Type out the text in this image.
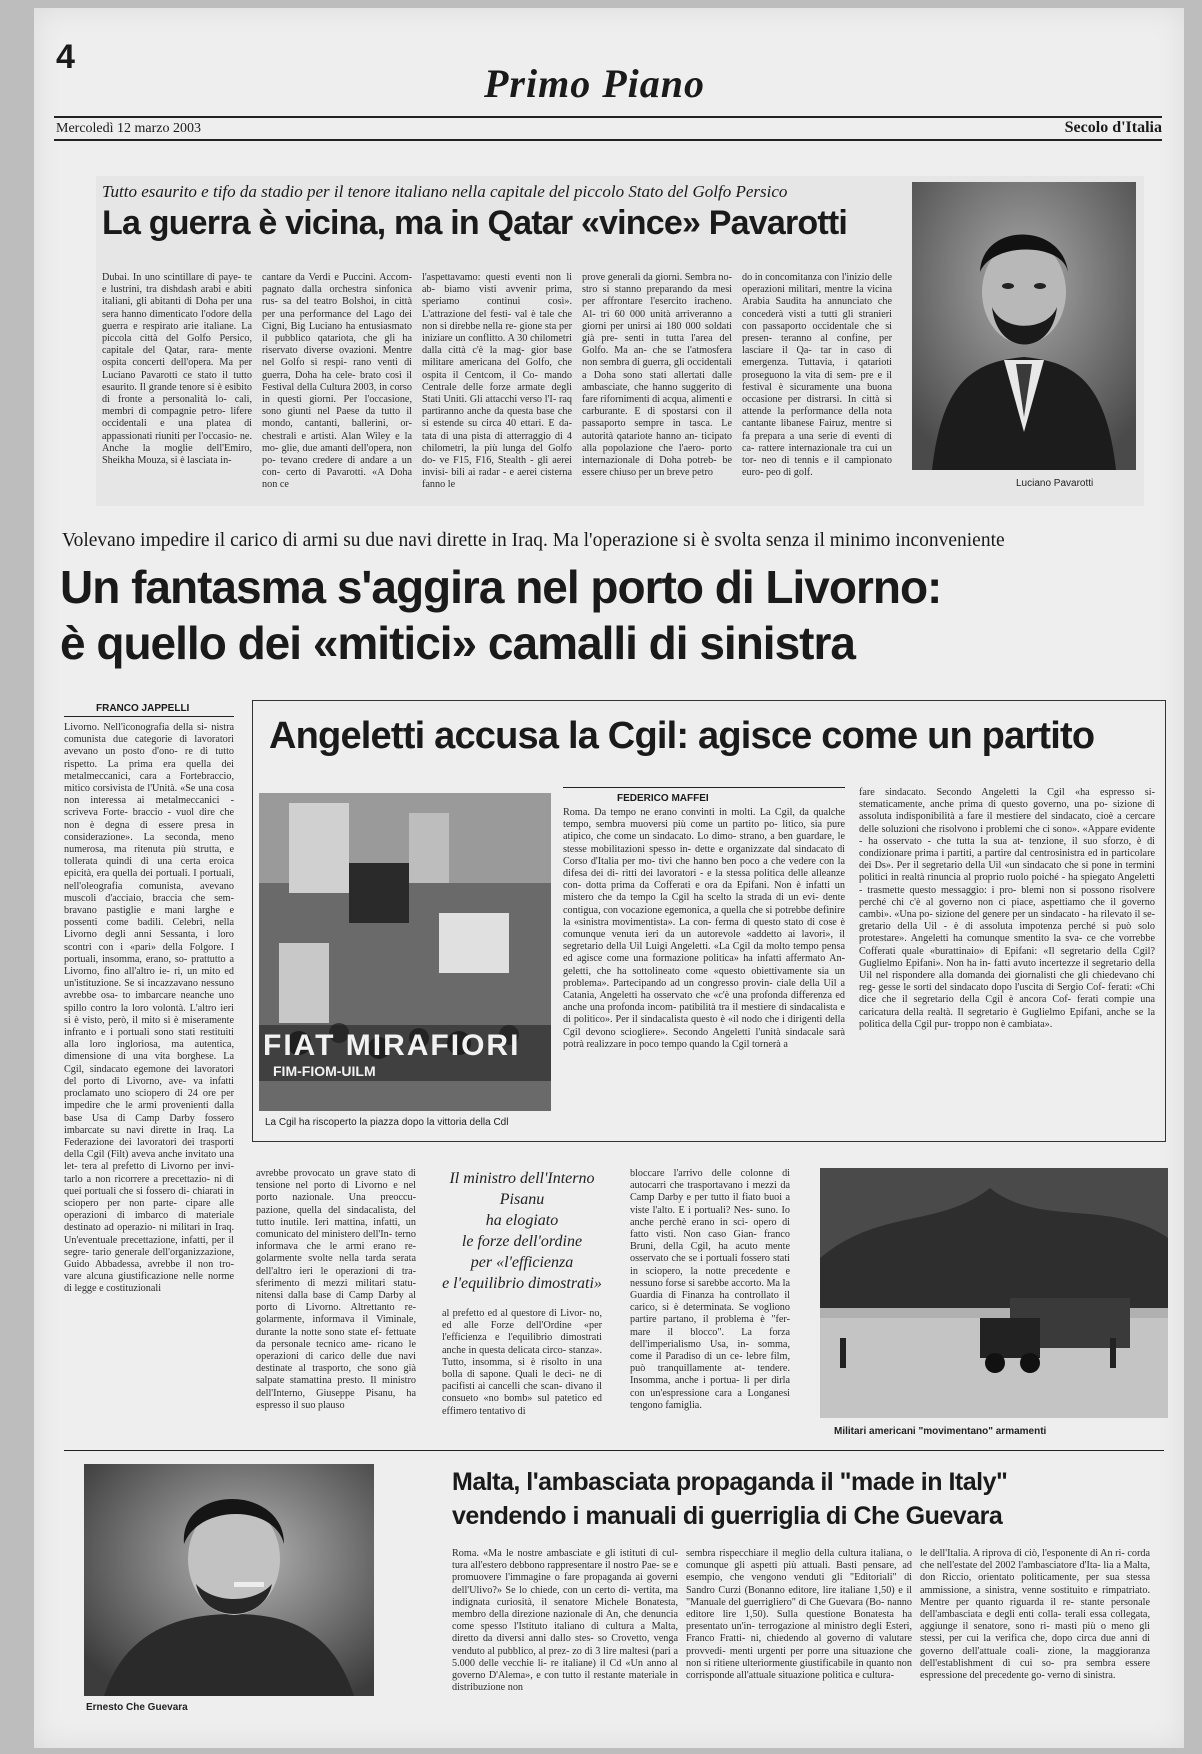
4
Primo Piano
Mercoledì 12 marzo 2003	Secolo d'Italia
Tutto esaurito e tifo da stadio per il tenore italiano nella capitale del piccolo Stato del Golfo Persico
La guerra è vicina, ma in Qatar «vince» Pavarotti
Dubai. In uno scintillare di paye- te e lustrini, tra dishdash arabi e abiti italiani, gli abitanti di Doha per una sera hanno dimenticato l'odore della guerra e respirato arie italiane. La piccola città del Golfo Persico, capitale del Qatar, rara- mente ospita concerti dell'opera. Ma per Luciano Pavarotti ce stato il tutto esaurito. Il grande tenore si è esibito di fronte a personalità lo- cali, membri di compagnie petro- lifere occidentali e una platea di appassionati riuniti per l'occasio- ne. Anche la moglie dell'Emiro, Sheikha Mouza, si è lasciata in-
cantare da Verdi e Puccini. Accom- pagnato dalla orchestra sinfonica rus- sa del teatro Bolshoi, in città per una performance del Lago dei Cigni, Big Luciano ha entusiasmato il pubblico qatariota, che gli ha riservato diverse ovazioni. Mentre nel Golfo si respi- rano venti di guerra, Doha ha cele- brato così il Festival della Cultura 2003, in corso in questi giorni. Per l'occasione, sono giunti nel Paese da tutto il mondo, cantanti, ballerini, or- chestrali e artisti. Alan Wiley e la mo- glie, due amanti dell'opera, non po- tevano credere di andare a un con- certo di Pavarotti. «A Doha non ce
l'aspettavamo: questi eventi non li ab- biamo visti avvenir prima, speriamo continui così». L'attrazione del festi- val è tale che non si direbbe nella re- gione sta per iniziare un conflitto. A 30 chilometri dalla città c'è la mag- gior base militare americana del Golfo, che ospita il Centcom, il Co- mando Centrale delle forze armate degli Stati Uniti. Gli attacchi verso l'I- raq partiranno anche da questa base che si estende su circa 40 ettari. E da- tata di una pista di atterraggio di 4 chilometri, la più lunga del Golfo do- ve F15, F16, Stealth - gli aerei invisi- bili ai radar - e aerei cisterna fanno le
prove generali da giorni. Sembra no- stro si stanno preparando da mesi per affrontare l'esercito iracheno. Al- tri 60 000 unità arriveranno a giorni per unirsi ai 180 000 soldati già pre- senti in tutta l'area del Golfo. Ma an- che se l'atmosfera non sembra di guerra, gli occidentali a Doha sono stati allertati dalle ambasciate, che hanno suggerito di fare rifornimenti di acqua, alimenti e carburante. E di spostarsi con il passaporto sempre in tasca. Le autorità qatariote hanno an- ticipato alla popolazione che l'aero- porto internazionale di Doha potreb- be essere chiuso per un breve petro
do in concomitanza con l'inizio delle operazioni militari, mentre la vicina Arabia Saudita ha annunciato che concederà visti a tutti gli stranieri con passaporto occidentale che si presen- teranno al confine, per lasciare il Qa- tar in caso di emergenza. Tuttavia, i qatarioti proseguono la vita di sem- pre e il festival è sicuramente una buona occasione per distrarsi. In città si attende la performance della nota cantante libanese Fairuz, mentre si fa prepara a una serie di eventi di ca- rattere internazionale tra cui un tor- neo di tennis e il campionato euro- peo di golf.
Luciano Pavarotti
Volevano impedire il carico di armi su due navi dirette in Iraq. Ma l'operazione si è svolta senza il minimo inconveniente
Un fantasma s'aggira nel porto di Livorno:
è quello dei «mitici» camalli di sinistra
FRANCO JAPPELLI
Livorno. Nell'iconografia della si- nistra comunista due categorie di lavoratori avevano un posto d'ono- re di tutto rispetto. La prima era quella dei metalmeccanici, cara a Fortebraccio, mitico corsivista de l'Unità. «Se una cosa non interessa ai metalmeccanici - scriveva Forte- braccio - vuol dire che non è degna di essere presa in considerazione». La seconda, meno numerosa, ma ritenuta più strutta, e tollerata quindi di una certa eroica epicità, era quella dei portuali. I portuali, nell'oleografia comunista, avevano muscoli d'acciaio, braccia che sem- bravano pastiglie e mani larghe e possenti come badili. Celebri, nella Livorno degli anni Sessanta, i loro scontri con i «pari» della Folgore. I portuali, insomma, erano, so- prattutto a Livorno, fino all'altro ie- ri, un mito ed un'istituzione. Se si incazzavano nessuno avrebbe osa- to imbarcare neanche uno spillo contro la loro volontà. L'altro ieri si è visto, però, il mito si è miseramente infranto e i portuali sono stati restituiti alla loro ingloriosa, ma autentica, dimensione di una vita borghese. La Cgil, sindacato egemone dei lavoratori del porto di Livorno, ave- va infatti proclamato uno sciopero di 24 ore per impedire che le armi provenienti dalla base Usa di Camp Darby fossero imbarcate su navi dirette in Iraq. La Federazione dei lavoratori dei trasporti della Cgil (Filt) aveva anche invitato una let- tera al prefetto di Livorno per invi- tarlo a non ricorrere a precettazio- ni di quei portuali che si fossero di- chiarati in sciopero per non parte- cipare alle operazioni di imbarco di materiale destinato ad operazio- ni militari in Iraq. Un'eventuale precettazione, infatti, per il segre- tario generale dell'organizzazione, Guido Abbadessa, avrebbe il non tro- vare alcuna giustificazione nelle norme di legge e costituzionali
Angeletti accusa la Cgil: agisce come un partito
FIAT MIRAFIORI
FIM-FIOM-UILM
La Cgil ha riscoperto la piazza dopo la vittoria della Cdl
FEDERICO MAFFEI
Roma. Da tempo ne erano convinti in molti. La Cgil, da qualche tempo, sembra muoversi più come un partito po- litico, sia pure atipico, che come un sindacato. Lo dimo- strano, a ben guardare, le stesse mobilitazioni spesso in- dette e organizzate dal sindacato di Corso d'Italia per mo- tivi che hanno ben poco a che vedere con la difesa dei di- ritti dei lavoratori - e la stessa politica delle alleanze con- dotta prima da Cofferati e ora da Epifani. Non è infatti un mistero che da tempo la Cgil ha scelto la strada di un evi- dente contigua, con vocazione egemonica, a quella che si potrebbe definire la «sinistra movimentista». La con- ferma di questo stato di cose è comunque venuta ieri da un autorevole «addetto ai lavori», il segretario della Uil Luigi Angeletti. «La Cgil da molto tempo pensa ed agisce come una formazione politica» ha infatti affermato An- geletti, che ha sottolineato come «questo obiettivamente sia un problema». Partecipando ad un congresso provin- ciale della Uil a Catania, Angeletti ha osservato che «c'è una profonda differenza ed anche una profonda incom- patibilità tra il mestiere di sindacalista e di politico». Per il sindacalista questo è «il nodo che i dirigenti della Cgil devono sciogliere». Secondo Angeletti l'unità sindacale sarà potrà realizzare in poco tempo quando la Cgil tornerà a
fare sindacato. Secondo Angeletti la Cgil «ha espresso si- stematicamente, anche prima di questo governo, una po- sizione di assoluta indisponibilità a fare il mestiere del sindacato, cioè a cercare delle soluzioni che risolvono i problemi che ci sono». «Appare evidente - ha osservato - che tutta la sua at- tenzione, il suo sforzo, è di condizionare prima i partiti, a partire dal centrosinistra ed in particolare dei Ds». Per il segretario della Uil «un sindacato che si pone in termini politici in realtà rinuncia al proprio ruolo poiché - ha spiegato Angeletti - trasmette questo messaggio: i pro- blemi non si possono risolvere perché chi c'è al governo non ci piace, aspettiamo che il governo cambi». «Una po- sizione del genere per un sindacato - ha rilevato il se- gretario della Uil - è di assoluta impotenza perché si può solo protestare». Angeletti ha comunque smentito la sva- ce che vorrebbe Cofferati quale «burattinaio» di Epifani: «Il segretario della Cgil? Guglielmo Epifani». Non ha in- fatti avuto incertezze il segretario della Uil nel rispondere alla domanda dei giornalisti che gli chiedevano chi reg- gesse le sorti del sindacato dopo l'uscita di Sergio Cof- ferati: «Chi dice che il segretario della Cgil è ancora Cof- ferati compie una caricatura della realtà. Il segretario è Guglielmo Epifani, anche se la politica della Cgil pur- troppo non è cambiata».
avrebbe provocato un grave stato di tensione nel porto di Livorno e nel porto nazionale. Una preoccu- pazione, quella del sindacalista, del tutto inutile. Ieri mattina, infatti, un comunicato del ministero dell'In- terno informava che le armi erano re- golarmente svolte nella tarda serata dell'altro ieri le operazioni di tra- sferimento di mezzi militari statu- nitensi dalla base di Camp Darby al porto di Livorno. Altrettanto re- golarmente, informava il Viminale, durante la notte sono state ef- fettuate da personale tecnico ame- ricano le operazioni di carico delle due navi destinate al trasporto, che sono già salpate stamattina presto. Il ministro dell'Interno, Giuseppe Pisanu, ha espresso il suo plauso
Il ministro dell'Interno
Pisanu
ha elogiato
le forze dell'ordine
per «l'efficienza
e l'equilibrio dimostrati»
al prefetto ed al questore di Livor- no, ed alle Forze dell'Ordine «per l'efficienza e l'equilibrio dimostrati anche in questa delicata circo- stanza». Tutto, insomma, si è risolto in una bolla di sapone. Quali le deci- ne di pacifisti ai cancelli che scan- divano il consueto «no bomb» sul patetico ed effimero tentativo di
bloccare l'arrivo delle colonne di autocarri che trasportavano i mezzi da Camp Darby e per tutto il fiato buoi a viste l'alto. E i portuali? Nes- suno. Io anche perchè erano in sci- opero di fatto visti. Non caso Gian- franco Bruni, della Cgil, ha acuto mente osservato che se i portuali fossero stati in sciopero, la notte precedente e nessuno forse si sarebbe accorto. Ma la Guardia di Finanza ha controllato il carico, si è determinata. Se vogliono partire partano, il problema è "fer- mare il blocco". La forza dell'imperialismo Usa, in- somma, come il Paradiso di un ce- lebre film, può tranquillamente at- tendere. Insomma, anche i portua- li per dirla con un'espressione cara a Longanesi tengono famiglia.
Militari americani "movimentano" armamenti
Ernesto Che Guevara
Malta, l'ambasciata propaganda il "made in Italy"
vendendo i manuali di guerriglia di Che Guevara
Roma. «Ma le nostre ambasciate e gli istituti di cul- tura all'estero debbono rappresentare il nostro Pae- se e promuovere l'immagine o fare propaganda ai governi dell'Ulivo?» Se lo chiede, con un certo di- vertita, ma indignata curiosità, il senatore Michele Bonatesta, membro della direzione nazionale di An, che denuncia come spesso l'Istituto italiano di cultura a Malta, diretto da diversi anni dallo stes- so Crovetto, venga venduto al pubblico, al prez- zo di 3 lire maltesi (pari a 5.000 delle vecchie li- re italiane) il Cd «Un anno al governo D'Alema», e con tutto il restante materiale in distribuzione non
sembra rispecchiare il meglio della cultura italiana, o comunque gli aspetti più attuali. Basti pensare, ad esempio, che vengono venduti gli "Editoriali" di Sandro Curzi (Bonanno editore, lire italiane 1,50) e il "Manuale del guerrigliero" di Che Guevara (Bo- nanno editore lire 1,50). Sulla questione Bonatesta ha presentato un'in- terrogazione al ministro degli Esteri, Franco Fratti- ni, chiedendo al governo di valutare provvedi- menti urgenti per porre una situazione che non si ritiene ulteriormente giustificabile in quanto non corrisponde all'attuale situazione politica e cultura-
le dell'Italia. A riprova di ciò, l'esponente di An ri- corda che nell'estate del 2002 l'ambasciatore d'Ita- lia a Malta, don Riccio, orientato politicamente, per sua stessa ammissione, a sinistra, venne sostituito e rimpatriato. Mentre per quanto riguarda il re- stante personale dell'ambasciata e degli enti colla- terali essa collegata, aggiunge il senatore, sono ri- masti più o meno gli stessi, per cui la verifica che, dopo circa due anni di governo dell'attuale coali- zione, la maggioranza dell'establishment di cui so- pra sembra essere espressione del precedente go- verno di sinistra.
